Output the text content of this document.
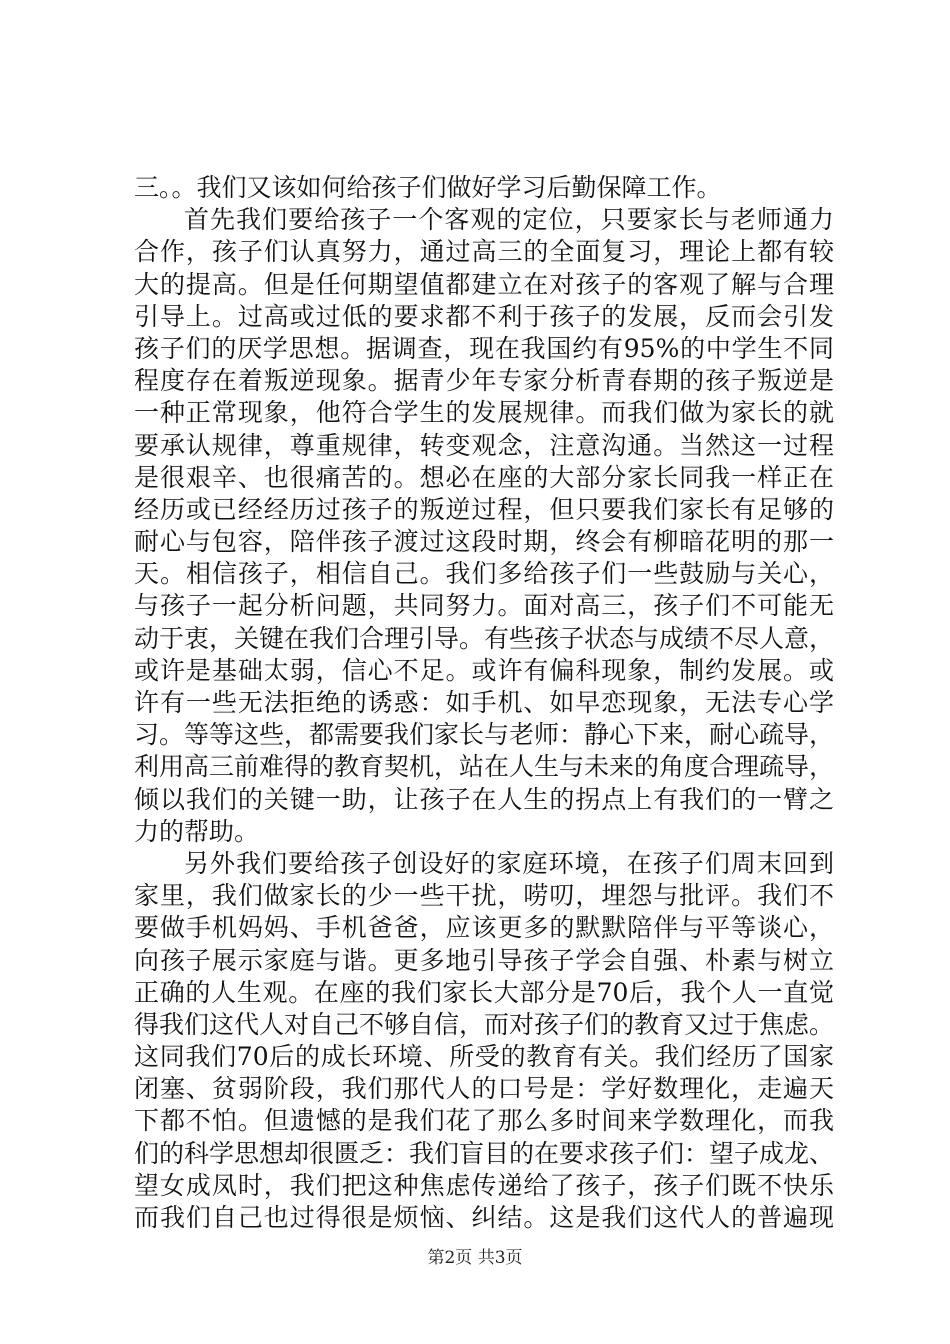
三。。我们又该如何给孩子们做好学习后勤保障工作。
首先我们要给孩子一个客观的定位，只要家长与老师通力
合作，孩子们认真努力，通过高三的全面复习，理论上都有较
大的提高。但是任何期望值都建立在对孩子的客观了解与合理
引导上。过高或过低的要求都不利于孩子的发展，反而会引发
孩子们的厌学思想。据调查，现在我国约有95%的中学生不同
程度存在着叛逆现象。据青少年专家分析青春期的孩子叛逆是
一种正常现象，他符合学生的发展规律。而我们做为家长的就
要承认规律，尊重规律，转变观念，注意沟通。当然这一过程
是很艰辛、也很痛苦的。想必在座的大部分家长同我一样正在
经历或已经经历过孩子的叛逆过程，但只要我们家长有足够的
耐心与包容，陪伴孩子渡过这段时期，终会有柳暗花明的那一
天。相信孩子，相信自己。我们多给孩子们一些鼓励与关心，
与孩子一起分析问题，共同努力。面对高三，孩子们不可能无
动于衷，关键在我们合理引导。有些孩子状态与成绩不尽人意，
或许是基础太弱，信心不足。或许有偏科现象，制约发展。或
许有一些无法拒绝的诱惑：如手机、如早恋现象，无法专心学
习。等等这些，都需要我们家长与老师：静心下来，耐心疏导，
利用高三前难得的教育契机，站在人生与未来的角度合理疏导，
倾以我们的关键一助，让孩子在人生的拐点上有我们的一臂之
力的帮助。
另外我们要给孩子创设好的家庭环境，在孩子们周末回到
家里，我们做家长的少一些干扰，唠叨，埋怨与批评。我们不
要做手机妈妈、手机爸爸，应该更多的默默陪伴与平等谈心，
向孩子展示家庭与谐。更多地引导孩子学会自强、朴素与树立
正确的人生观。在座的我们家长大部分是70后，我个人一直觉
得我们这代人对自己不够自信，而对孩子们的教育又过于焦虑。
这同我们70后的成长环境、所受的教育有关。我们经历了国家
闭塞、贫弱阶段，我们那代人的口号是：学好数理化，走遍天
下都不怕。但遗憾的是我们花了那么多时间来学数理化，而我
们的科学思想却很匮乏：我们盲目的在要求孩子们：望子成龙、
望女成凤时，我们把这种焦虑传递给了孩子，孩子们既不快乐
而我们自己也过得很是烦恼、纠结。这是我们这代人的普遍现
第2页 共3页
